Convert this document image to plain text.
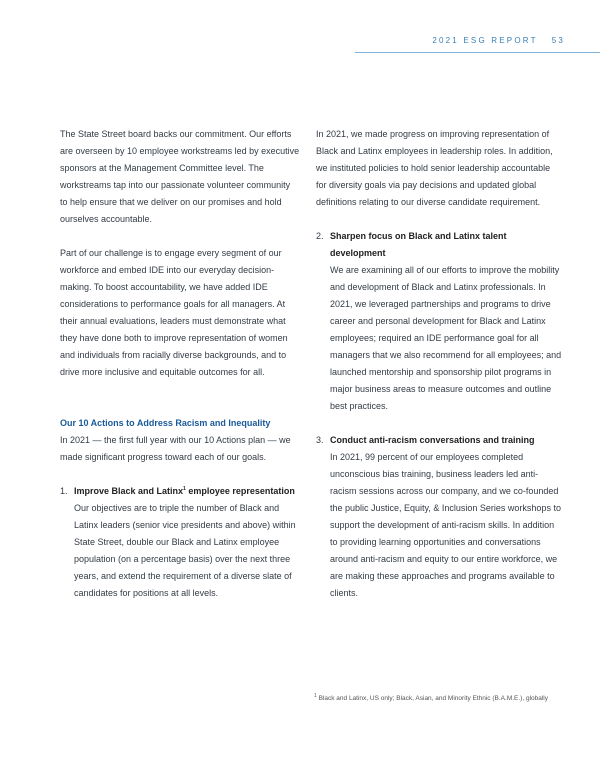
2021 ESG REPORT 53

The State Street board backs our commitment. Our efforts are overseen by 10 employee workstreams led by executive sponsors at the Management Committee level. The workstreams tap into our passionate volunteer community to help ensure that we deliver on our promises and hold ourselves accountable.

Part of our challenge is to engage every segment of our workforce and embed IDE into our everyday decision-making. To boost accountability, we have added IDE considerations to performance goals for all managers. At their annual evaluations, leaders must demonstrate what they have done both to improve representation of women and individuals from racially diverse backgrounds, and to drive more inclusive and equitable outcomes for all.

Our 10 Actions to Address Racism and Inequality

In 2021 — the first full year with our 10 Actions plan — we made significant progress toward each of our goals.

1. Improve Black and Latinx$^1$ employee representation

Our objectives are to triple the number of Black and Latinx leaders (senior vice presidents and above) within State Street, double our Black and Latinx employee population (on a percentage basis) over the next three years, and extend the requirement of a diverse slate of candidates for positions at all levels.

In 2021, we made progress on improving representation of Black and Latinx employees in leadership roles. In addition, we instituted policies to hold senior leadership accountable for diversity goals via pay decisions and updated global definitions relating to our diverse candidate requirement.

2. Sharpen focus on Black and Latinx talent development

We are examining all of our efforts to improve the mobility and development of Black and Latinx professionals. In 2021, we leveraged partnerships and programs to drive career and personal development for Black and Latinx employees; required an IDE performance goal for all managers that we also recommend for all employees; and launched mentorship and sponsorship pilot programs in major business areas to measure outcomes and outline best practices.

3. Conduct anti-racism conversations and training

In 2021, 99 percent of our employees completed unconscious bias training, business leaders led anti-racism sessions across our company, and we co-founded the public Justice, Equity, & Inclusion Series workshops to support the development of anti-racism skills. In addition to providing learning opportunities and conversations around anti-racism and equity to our entire workforce, we are making these approaches and programs available to clients.

$^1$ Black and Latinx, US only; Black, Asian, and Minority Ethnic (B.A.M.E.), globally
